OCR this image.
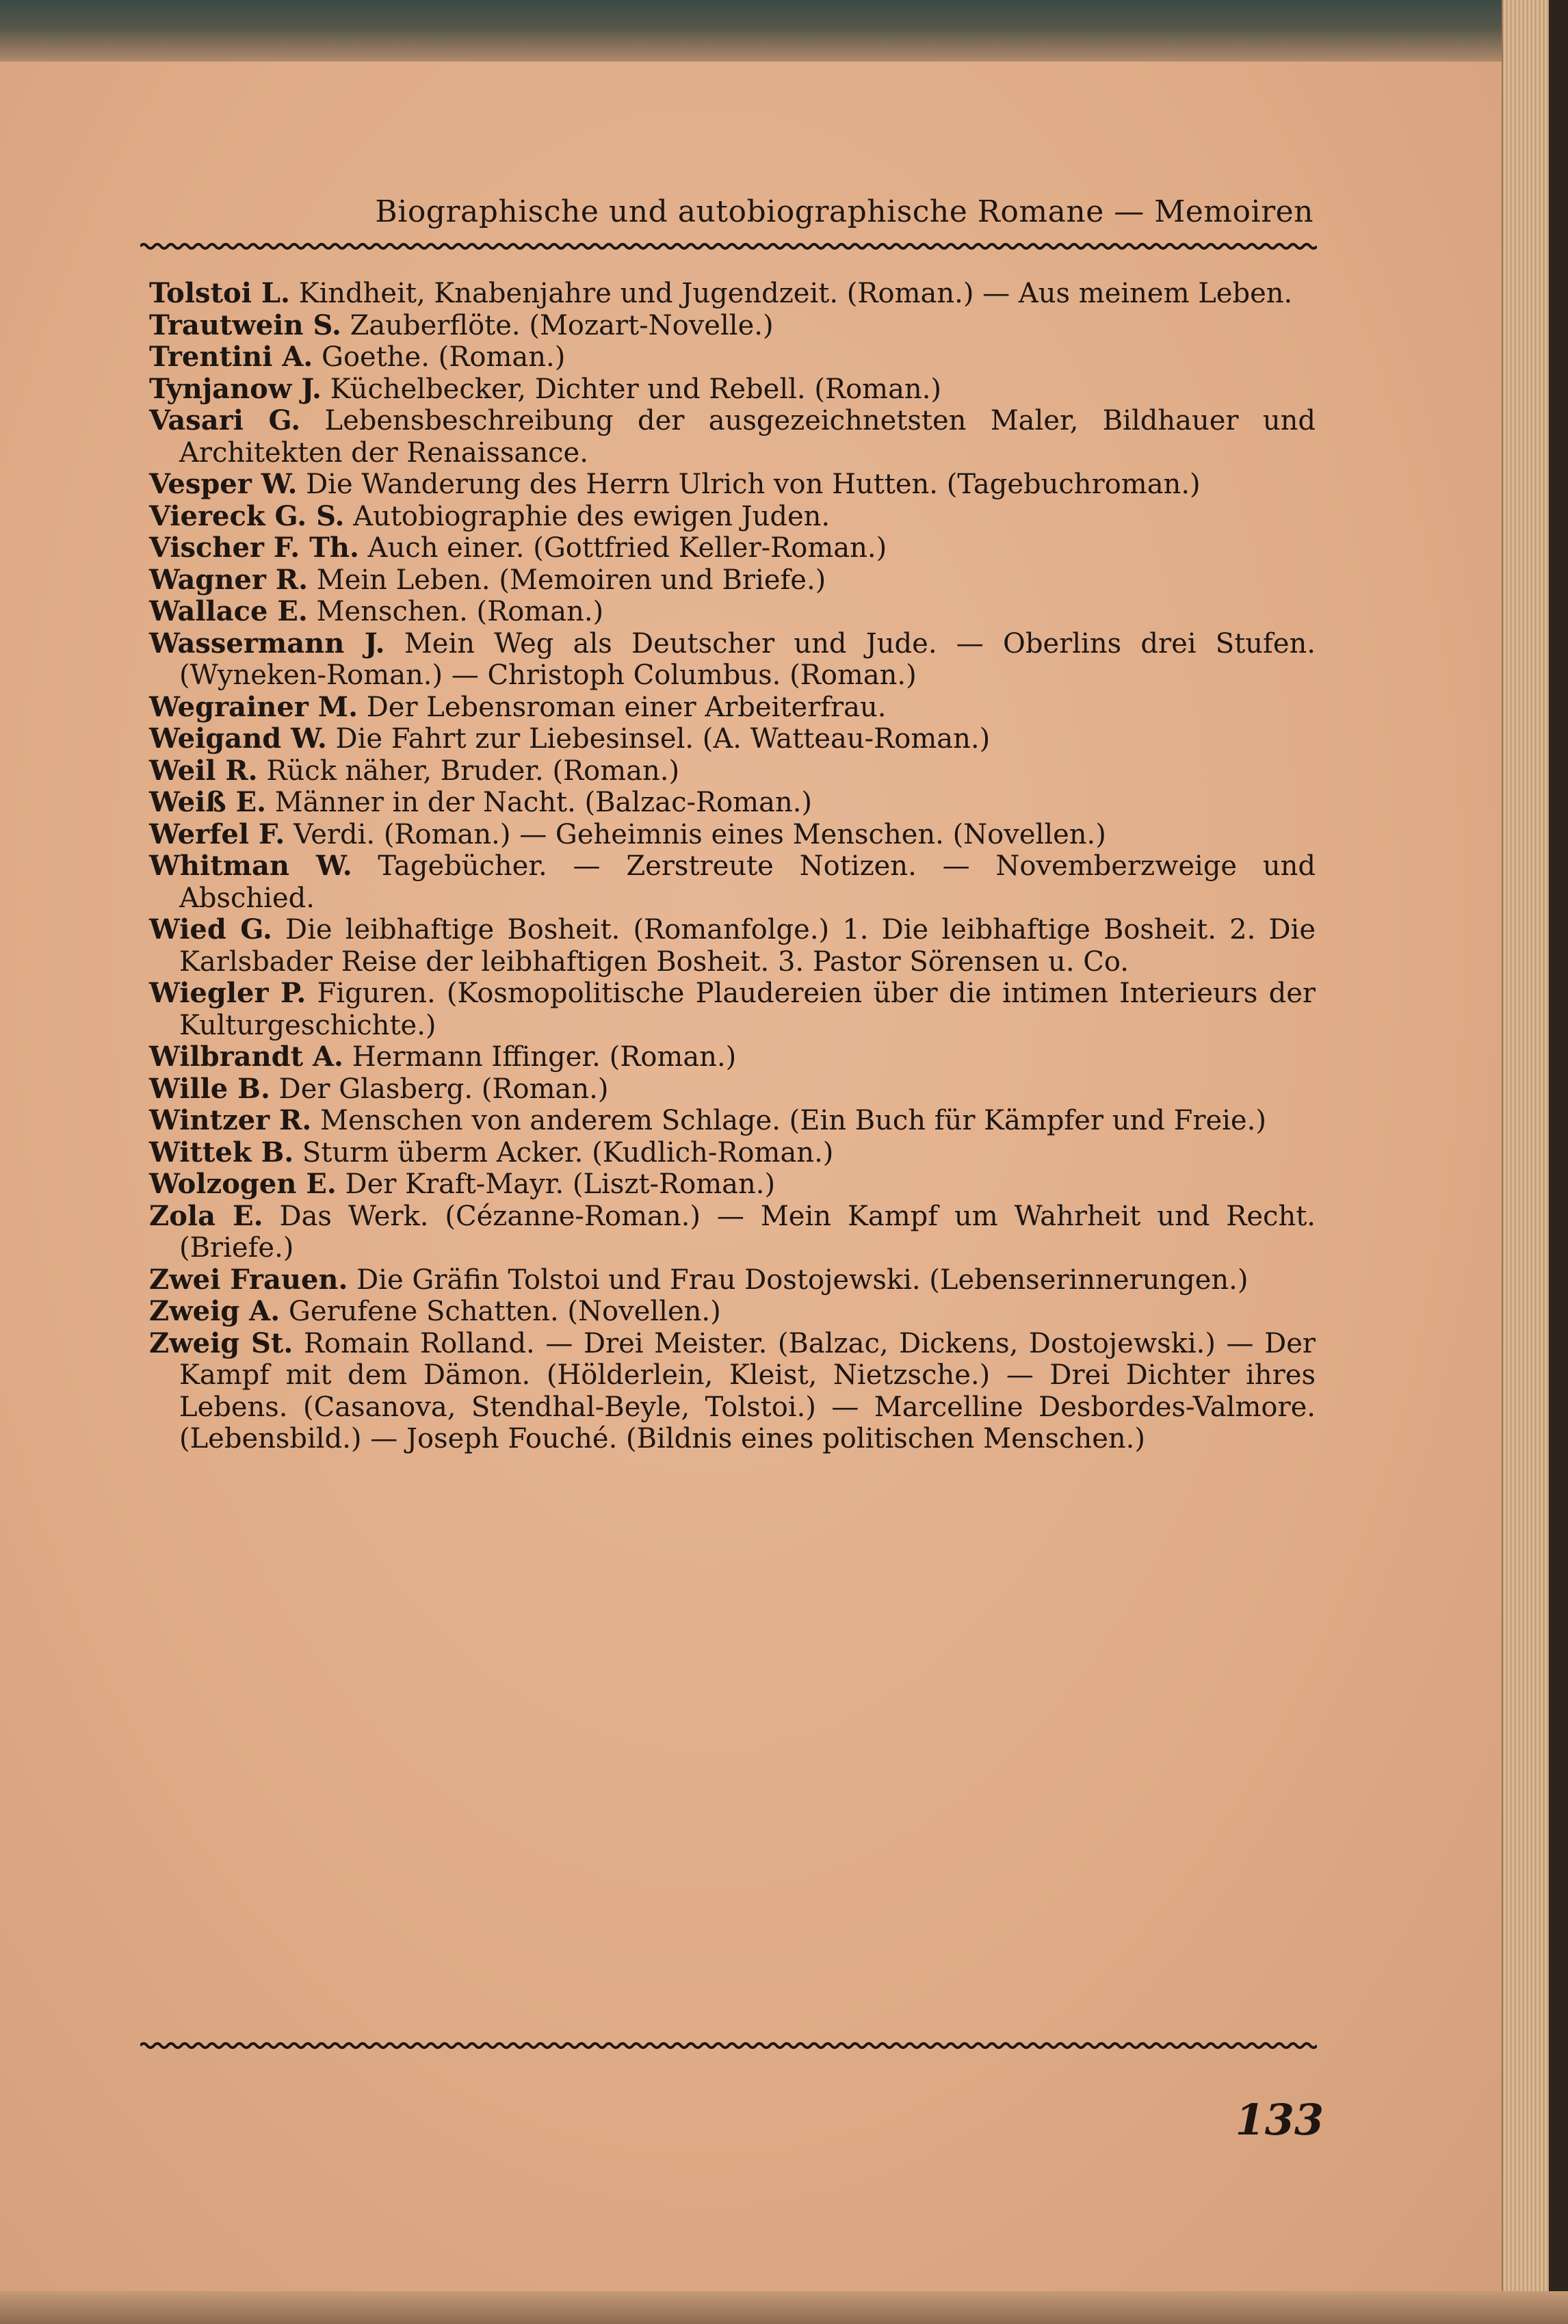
Biographische und autobiographische Romane — Memoiren

Tolstoi L. Kindheit, Knabenjahre und Jugendzeit. (Roman.) — Aus meinem Leben.

Trautwein S. Zauberflöte. (Mozart-Novelle.)

Trentini A. Goethe. (Roman.)

Tynjanow J. Küchelbecker, Dichter und Rebell. (Roman.)

Vasari G. Lebensbeschreibung der ausgezeichnetsten Maler, Bildhauer und Architekten der Renaissance.

Vesper W. Die Wanderung des Herrn Ulrich von Hutten. (Tagebuchroman.)

Viereck G. S. Autobiographie des ewigen Juden.

Vischer F. Th. Auch einer. (Gottfried Keller-Roman.)

Wagner R. Mein Leben. (Memoiren und Briefe.)

Wallace E. Menschen. (Roman.)

Wassermann J. Mein Weg als Deutscher und Jude. — Oberlins drei Stufen. (Wyneken-Roman.) — Christoph Columbus. (Roman.)

Wegrainer M. Der Lebensroman einer Arbeiterfrau.

Weigand W. Die Fahrt zur Liebesinsel. (A. Watteau-Roman.)

Weil R. Rück näher, Bruder. (Roman.)

Weiß E. Männer in der Nacht. (Balzac-Roman.)

Werfel F. Verdi. (Roman.) — Geheimnis eines Menschen. (Novellen.)

Whitman W. Tagebücher. — Zerstreute Notizen. — Novemberzweige und Abschied.

Wied G. Die leibhaftige Bosheit. (Romanfolge.) 1. Die leibhaftige Bosheit. 2. Die Karlsbader Reise der leibhaftigen Bosheit. 3. Pastor Sörensen u. Co.

Wiegler P. Figuren. (Kosmopolitische Plaudereien über die intimen Interieurs der Kulturgeschichte.)

Wilbrandt A. Hermann Iffinger. (Roman.)

Wille B. Der Glasberg. (Roman.)

Wintzer R. Menschen von anderem Schlage. (Ein Buch für Kämpfer und Freie.)

Wittek B. Sturm überm Acker. (Kudlich-Roman.)

Wolzogen E. Der Kraft-Mayr. (Liszt-Roman.)

Zola E. Das Werk. (Cézanne-Roman.) — Mein Kampf um Wahrheit und Recht. (Briefe.)

Zwei Frauen. Die Gräfin Tolstoi und Frau Dostojewski. (Lebenserinnerungen.)

Zweig A. Gerufene Schatten. (Novellen.)

Zweig St. Romain Rolland. — Drei Meister. (Balzac, Dickens, Dostojewski.) — Der Kampf mit dem Dämon. (Hölderlein, Kleist, Nietzsche.) — Drei Dichter ihres Lebens. (Casanova, Stendhal-Beyle, Tolstoi.) — Marcelline Desbordes-Valmore. (Lebensbild.) — Joseph Fouché. (Bildnis eines politischen Menschen.)

133
